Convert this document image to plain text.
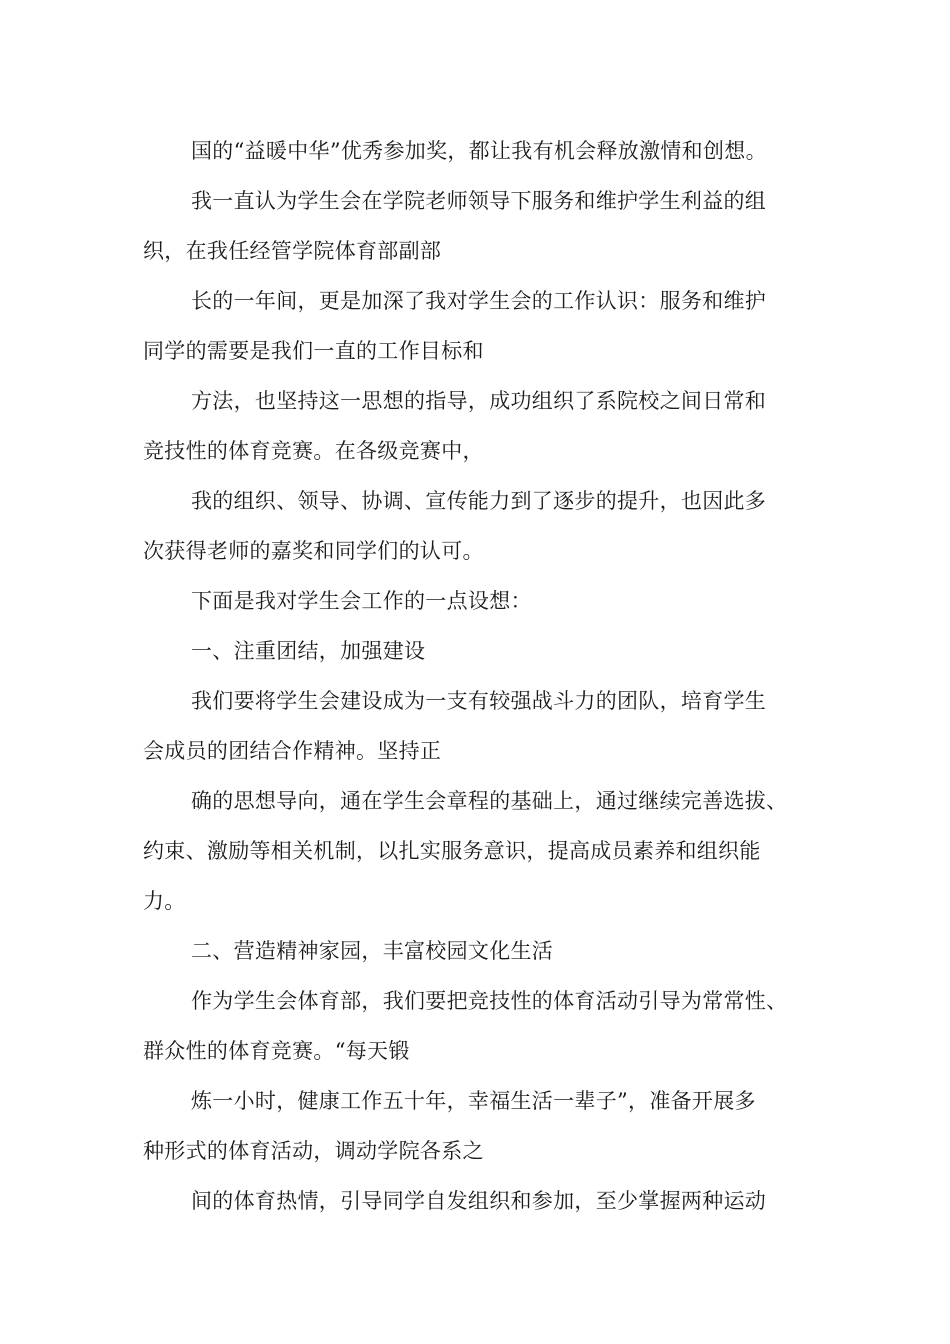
国的“益暖中华”优秀参加奖，都让我有机会释放激情和创想。
我一直认为学生会在学院老师领导下服务和维护学生利益的组
织，在我任经管学院体育部副部
长的一年间，更是加深了我对学生会的工作认识：服务和维护
同学的需要是我们一直的工作目标和
方法，也坚持这一思想的指导，成功组织了系院校之间日常和
竞技性的体育竞赛。在各级竞赛中，
我的组织、领导、协调、宣传能力到了逐步的提升，也因此多
次获得老师的嘉奖和同学们的认可。
下面是我对学生会工作的一点设想：
一、注重团结，加强建设
我们要将学生会建设成为一支有较强战斗力的团队，培育学生
会成员的团结合作精神。坚持正
确的思想导向，通在学生会章程的基础上，通过继续完善选拔、
约束、激励等相关机制，以扎实服务意识，提高成员素养和组织能
力。
二、营造精神家园，丰富校园文化生活
作为学生会体育部，我们要把竞技性的体育活动引导为常常性、
群众性的体育竞赛。“每天锻
炼一小时，健康工作五十年，幸福生活一辈子”，准备开展多
种形式的体育活动，调动学院各系之
间的体育热情，引导同学自发组织和参加，至少掌握两种运动
